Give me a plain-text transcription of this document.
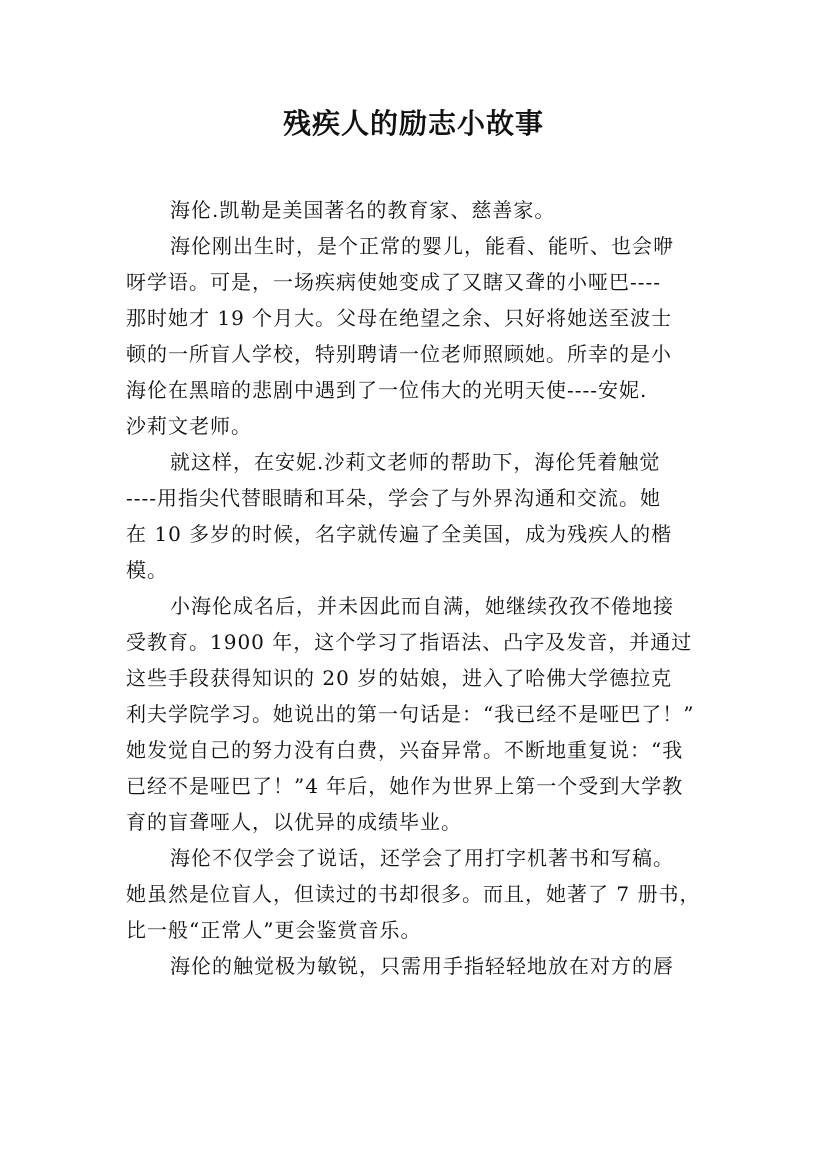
残疾人的励志小故事
海伦.凯勒是美国著名的教育家、慈善家。
海伦刚出生时，是个正常的婴儿，能看、能听、也会咿
呀学语。可是，一场疾病使她变成了又瞎又聋的小哑巴----
那时她才 19 个月大。父母在绝望之余、只好将她送至波士
顿的一所盲人学校，特别聘请一位老师照顾她。所幸的是小
海伦在黑暗的悲剧中遇到了一位伟大的光明天使----安妮.
沙莉文老师。
就这样，在安妮.沙莉文老师的帮助下，海伦凭着触觉
----用指尖代替眼睛和耳朵，学会了与外界沟通和交流。她
在 10 多岁的时候，名字就传遍了全美国，成为残疾人的楷
模。
小海伦成名后，并未因此而自满，她继续孜孜不倦地接
受教育。1900 年，这个学习了指语法、凸字及发音，并通过
这些手段获得知识的 20 岁的姑娘，进入了哈佛大学德拉克
利夫学院学习。她说出的第一句话是：“我已经不是哑巴了！”
她发觉自己的努力没有白费，兴奋异常。不断地重复说：“我
已经不是哑巴了！”4 年后，她作为世界上第一个受到大学教
育的盲聋哑人，以优异的成绩毕业。
海伦不仅学会了说话，还学会了用打字机著书和写稿。
她虽然是位盲人，但读过的书却很多。而且，她著了 7 册书，
比一般“正常人”更会鉴赏音乐。
海伦的触觉极为敏锐，只需用手指轻轻地放在对方的唇
